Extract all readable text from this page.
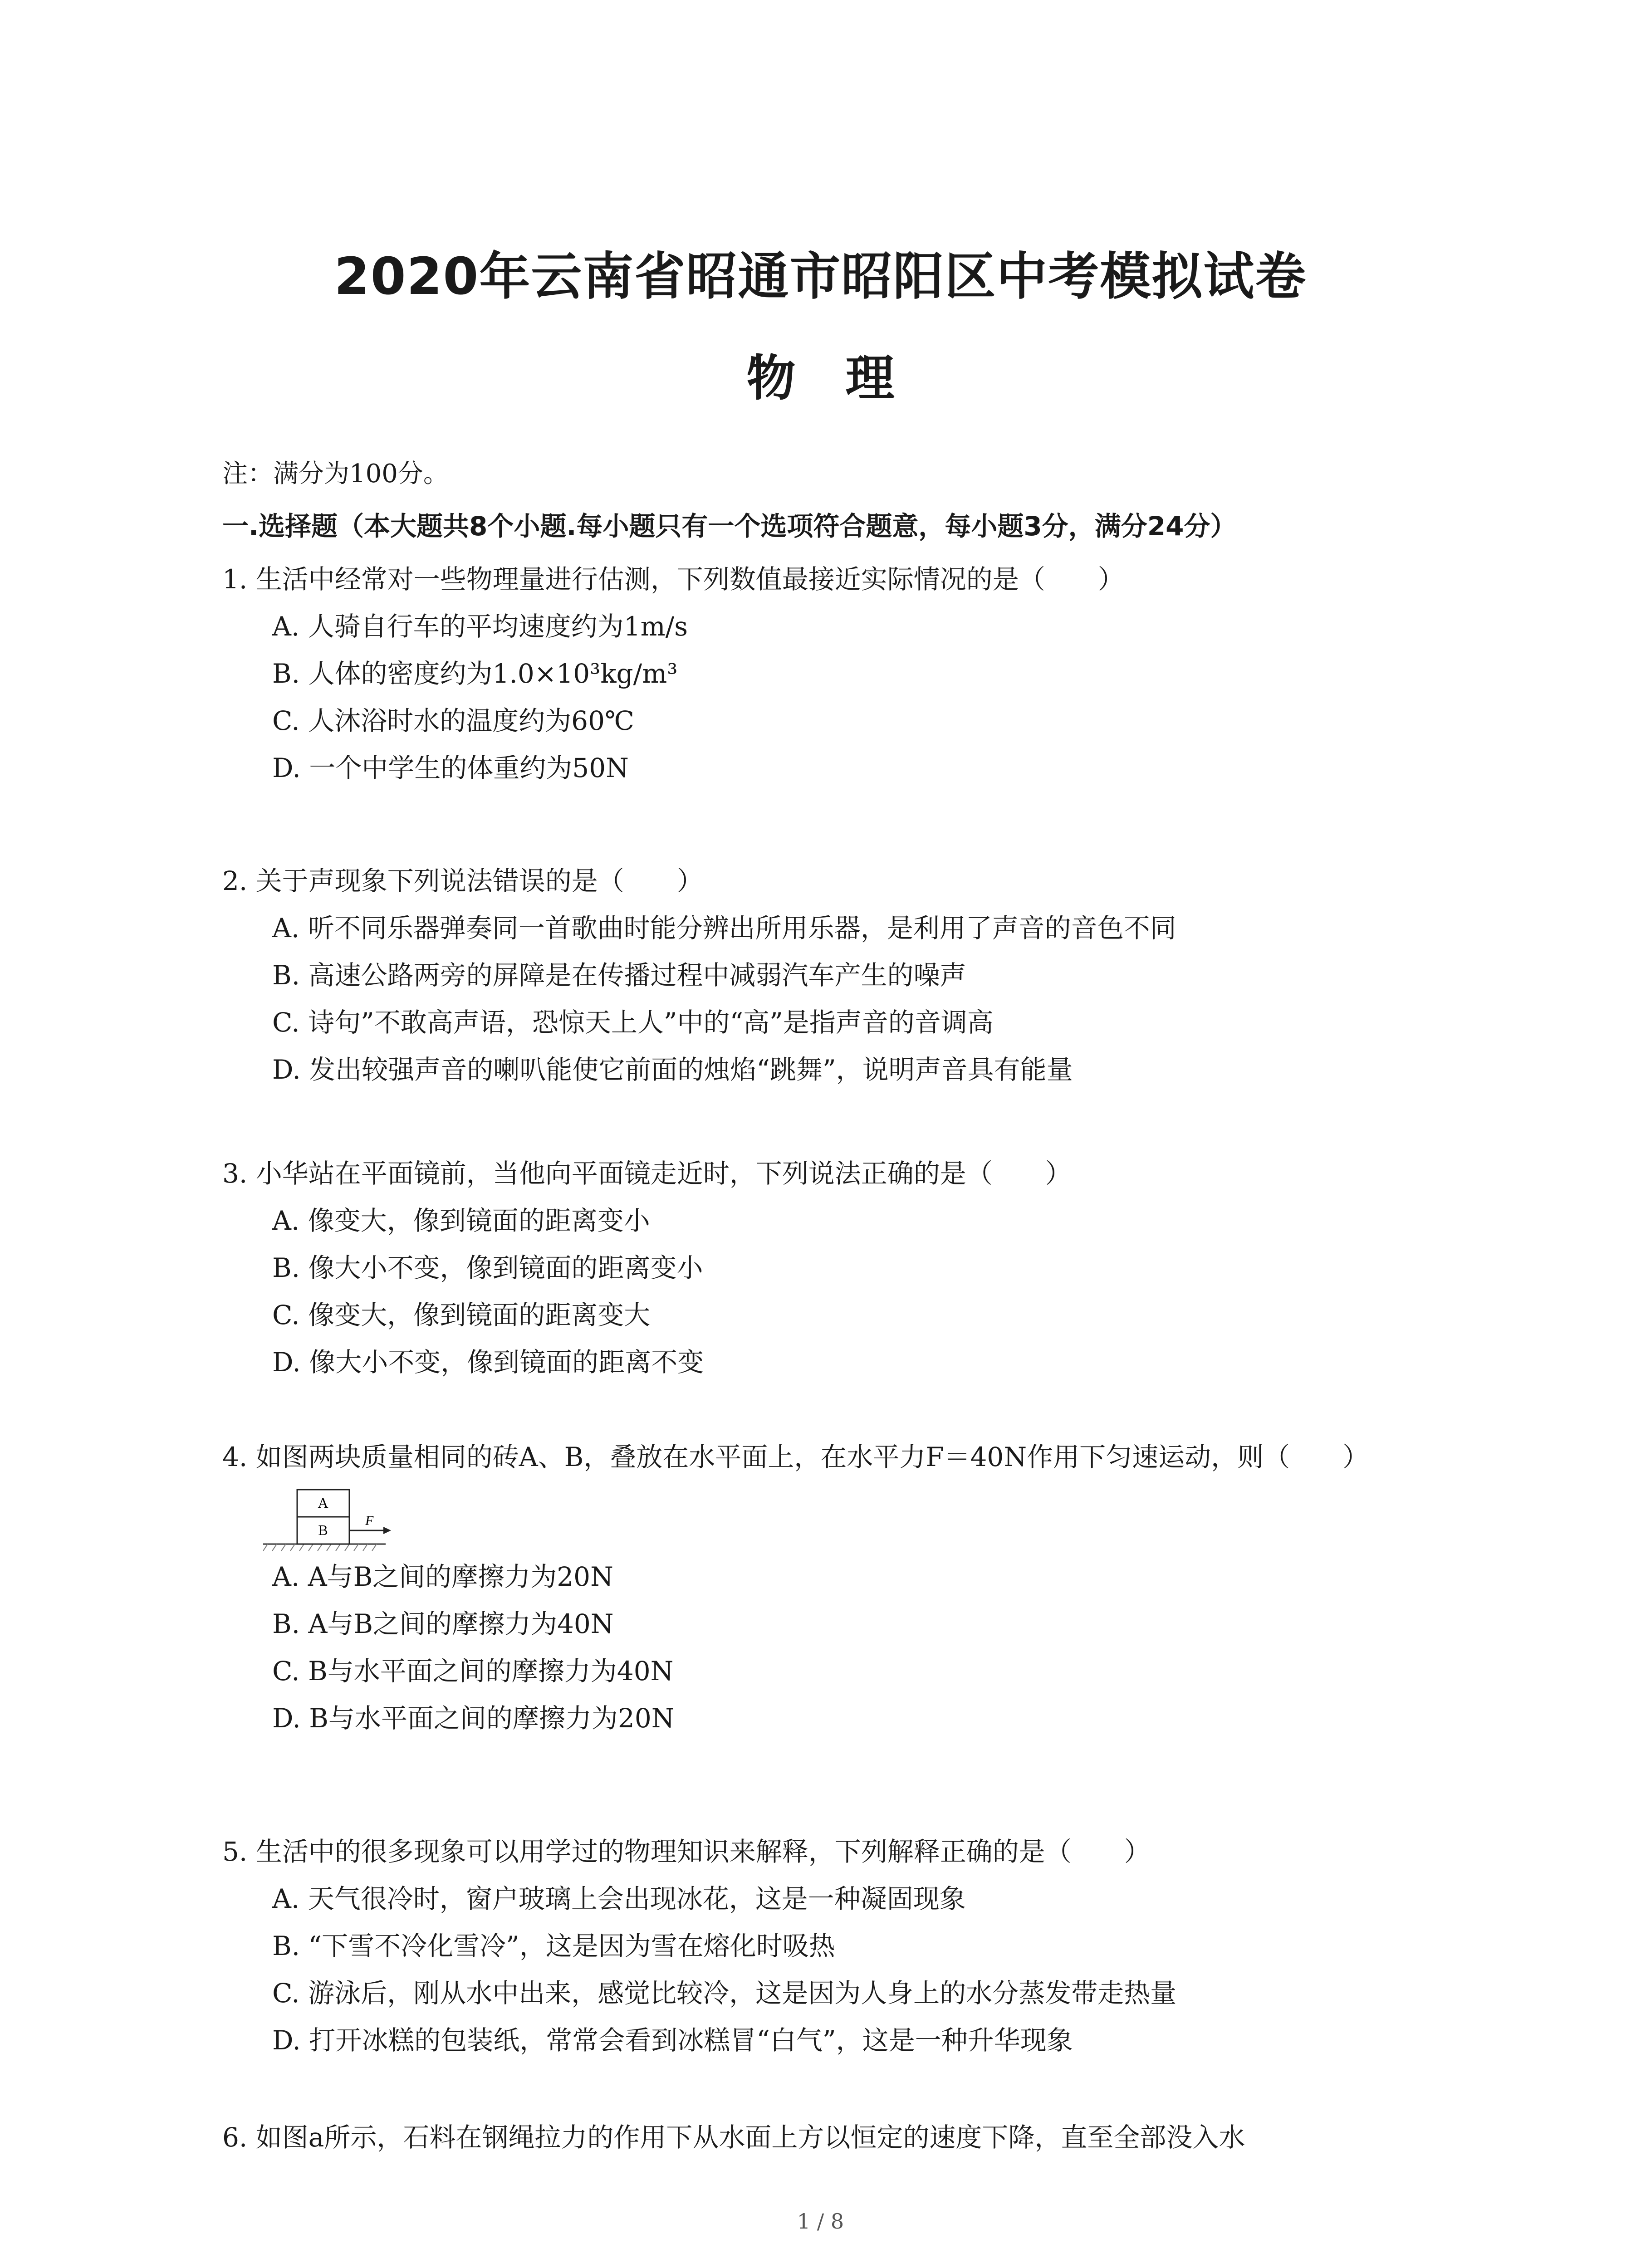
2020年云南省昭通市昭阳区中考模拟试卷
物理
注：满分为100分。
一.选择题（本大题共8个小题.每小题只有一个选项符合题意，每小题3分，满分24分）
1. 生活中经常对一些物理量进行估测，下列数值最接近实际情况的是（　　）
A. 人骑自行车的平均速度约为1m/s
B. 人体的密度约为1.0×10³kg/m³
C. 人沐浴时水的温度约为60℃
D. 一个中学生的体重约为50N
2. 关于声现象下列说法错误的是（　　）
A. 听不同乐器弹奏同一首歌曲时能分辨出所用乐器，是利用了声音的音色不同
B. 高速公路两旁的屏障是在传播过程中减弱汽车产生的噪声
C. 诗句”不敢高声语，恐惊天上人”中的“高”是指声音的音调高
D. 发出较强声音的喇叭能使它前面的烛焰“跳舞”，说明声音具有能量
3. 小华站在平面镜前，当他向平面镜走近时，下列说法正确的是（　　）
A. 像变大，像到镜面的距离变小
B. 像大小不变，像到镜面的距离变小
C. 像变大，像到镜面的距离变大
D. 像大小不变，像到镜面的距离不变
4. 如图两块质量相同的砖A、B，叠放在水平面上，在水平力F＝40N作用下匀速运动，则（　　）
A
B
F
A. A与B之间的摩擦力为20N
B. A与B之间的摩擦力为40N
C. B与水平面之间的摩擦力为40N
D. B与水平面之间的摩擦力为20N
5. 生活中的很多现象可以用学过的物理知识来解释，下列解释正确的是（　　）
A. 天气很冷时，窗户玻璃上会出现冰花，这是一种凝固现象
B. “下雪不冷化雪冷”，这是因为雪在熔化时吸热
C. 游泳后，刚从水中出来，感觉比较冷，这是因为人身上的水分蒸发带走热量
D. 打开冰糕的包装纸，常常会看到冰糕冒“白气”，这是一种升华现象
6. 如图a所示，石料在钢绳拉力的作用下从水面上方以恒定的速度下降，直至全部没入水
1 / 8
